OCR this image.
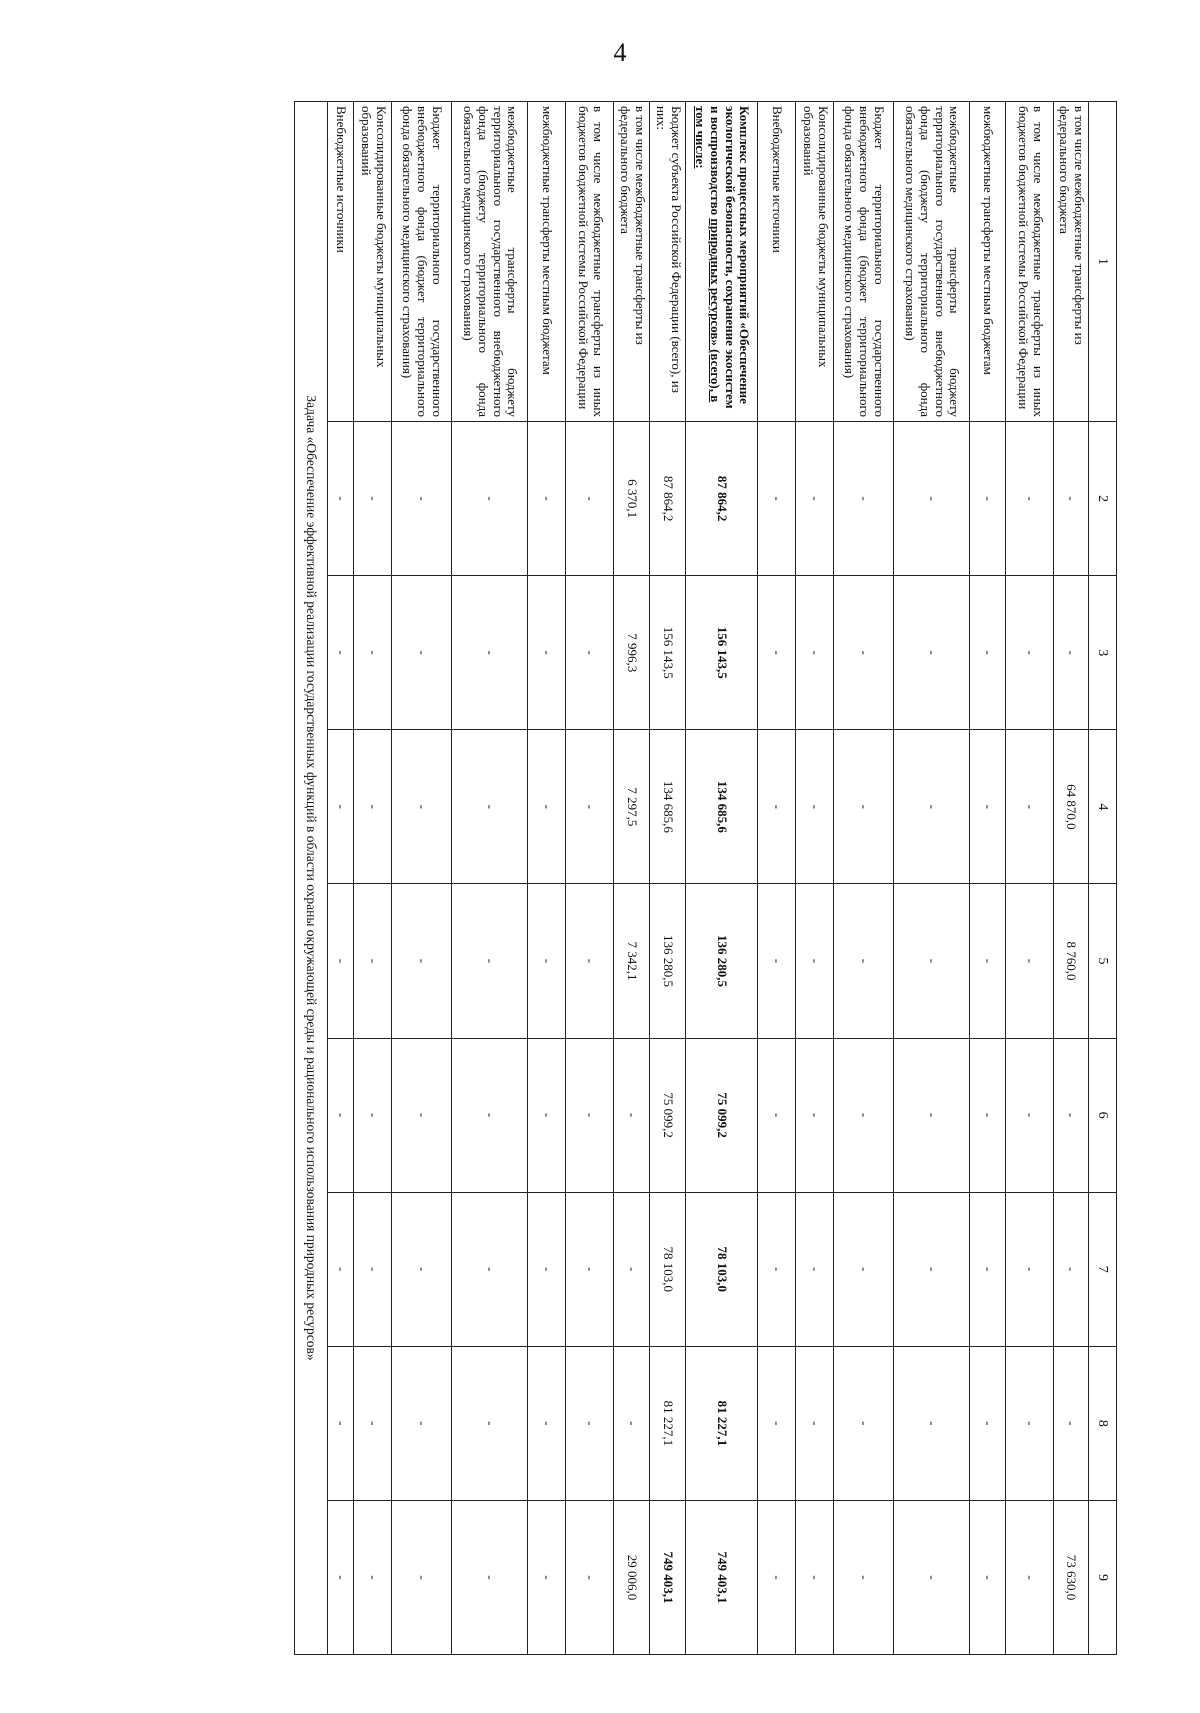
4
1	2	3	4	5	6	7	8	9
в том числе межбюджетные трансферты из федерального бюджета	-	-	64 870,0	8 760,0	-	-	-	73 630,0
в том числе межбюджетные трансферты из иных бюджетов бюджетной системы Российской Федерации	-	-	-	-	-	-	-	-
межбюджетные трансферты местным бюджетам	-	-	-	-	-	-	-	-
межбюджетные трансферты бюджету территориального государственного внебюджетного фонда (бюджету территориального фонда обязательного медицинского страхования)	-	-	-	-	-	-	-	-
Бюджет территориального государственного внебюджетного фонда (бюджет территориального фонда обязательного медицинского страхования)	-	-	-	-	-	-	-	-
Консолидированные бюджеты муниципальных образований	-	-	-	-	-	-	-	-
Внебюджетные источники	-	-	-	-	-	-	-	-
Комплекс процессных мероприятий «Обеспечение экологической безопасности, сохранение экосистем и воспроизводство природных ресурсов» (всего), в том числе:	87 864,2	156 143,5	134 685,6	136 280,5	75 099,2	78 103,0	81 227,1	749 403,1
Бюджет субъекта Российской Федерации (всего), из них:	87 864,2	156 143,5	134 685,6	136 280,5	75 099,2	78 103,0	81 227,1	749 403,1
в том числе межбюджетные трансферты из федерального бюджета	6 370,1	7 996,3	7 297,5	7 342,1	-	-	-	29 006,0
в том числе межбюджетные трансферты из иных бюджетов бюджетной системы Российской Федерации	-	-	-	-	-	-	-	-
межбюджетные трансферты местным бюджетам	-	-	-	-	-	-	-	-
межбюджетные трансферты бюджету территориального государственного внебюджетного фонда (бюджету территориального фонда обязательного медицинского страхования)	-	-	-	-	-	-	-	-
Бюджет территориального государственного внебюджетного фонда (бюджет территориального фонда обязательного медицинского страхования)	-	-	-	-	-	-	-	-
Консолидированные бюджеты муниципальных образований	-	-	-	-	-	-	-	-
Внебюджетные источники	-	-	-	-	-	-	-	-
Задача «Обеспечение эффективной реализации государственных функций в области охраны окружающей среды и рационального использования природных ресурсов»								
